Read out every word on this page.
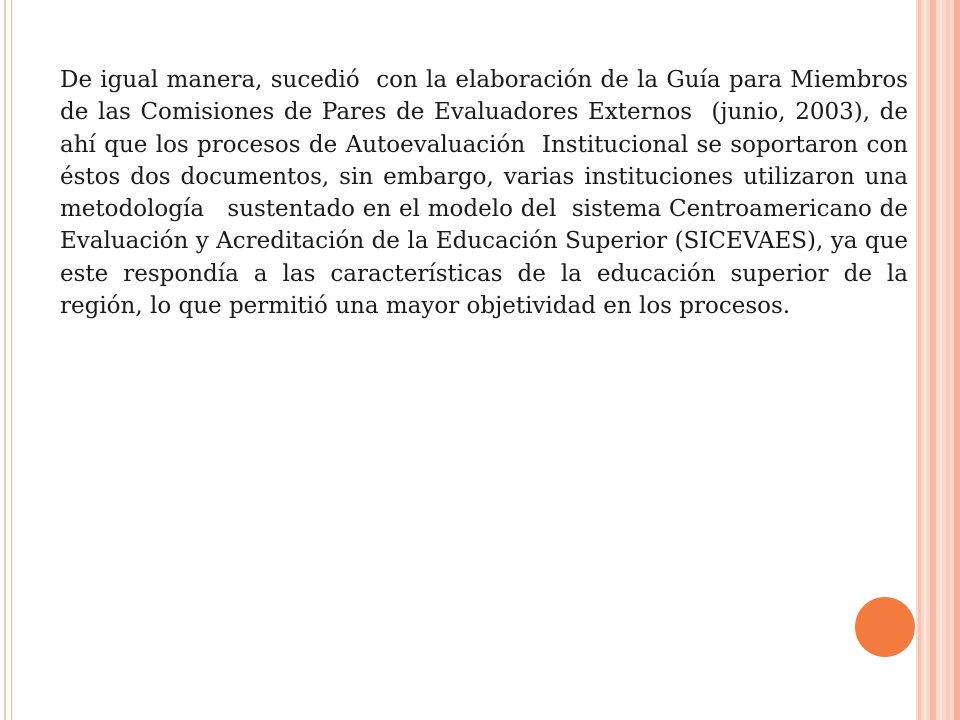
De igual manera, sucedió  con la elaboración de la Guía para Miembros de las Comisiones de Pares de Evaluadores Externos  (junio, 2003), de ahí que los procesos de Autoevaluación  Institucional se soportaron con éstos dos documentos, sin embargo, varias instituciones utilizaron una metodología   sustentado en el modelo del  sistema Centroamericano de Evaluación y Acreditación de la Educación Superior (SICEVAES), ya que este respondía a las características de la educación superior de la región, lo que permitió una mayor objetividad en los procesos.
